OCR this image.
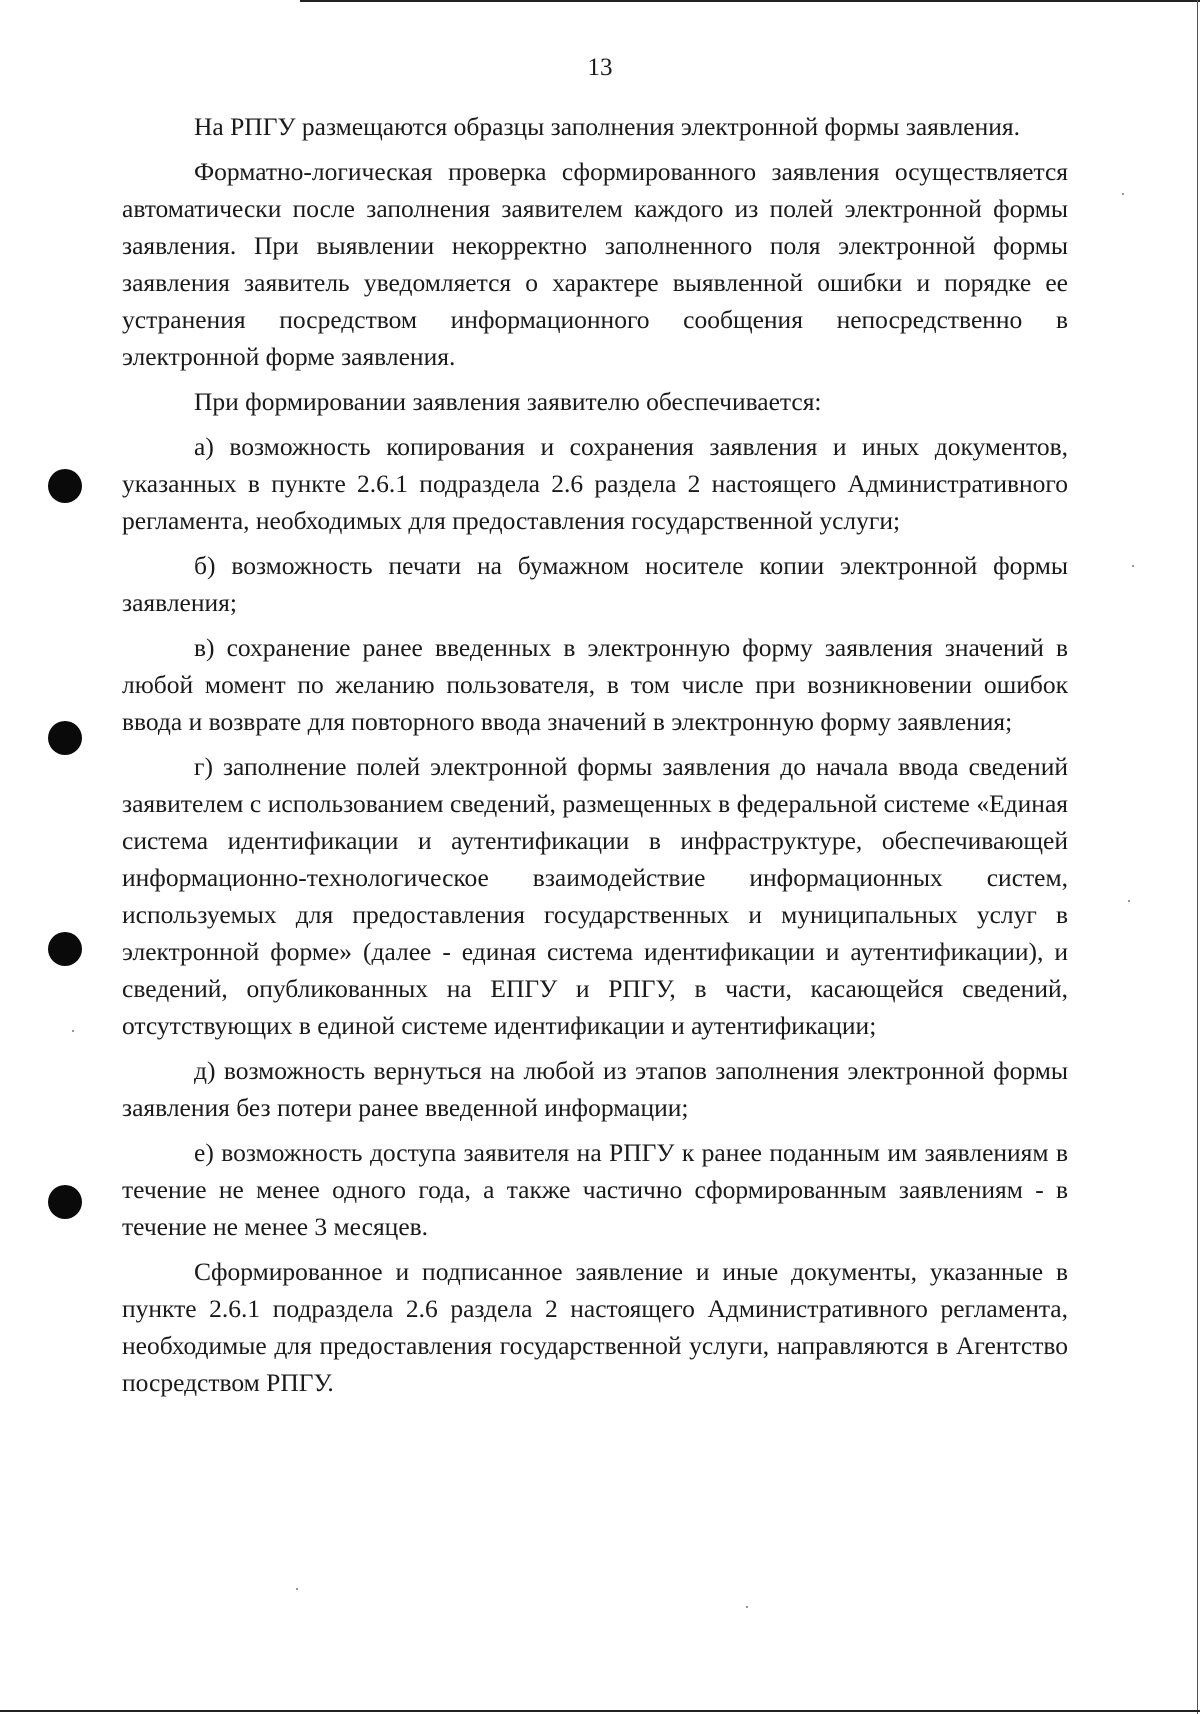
13

На РПГУ размещаются образцы заполнения электронной формы заявления.

Форматно-логическая проверка сформированного заявления осуществляется автоматически после заполнения заявителем каждого из полей электронной формы заявления. При выявлении некорректно заполненного поля электронной формы заявления заявитель уведомляется о характере выявленной ошибки и порядке ее устранения посредством информационного сообщения непосредственно в электронной форме заявления.

При формировании заявления заявителю обеспечивается:

а) возможность копирования и сохранения заявления и иных документов, указанных в пункте 2.6.1 подраздела 2.6 раздела 2 настоящего Административного регламента, необходимых для предоставления государственной услуги;

б) возможность печати на бумажном носителе копии электронной формы заявления;

в) сохранение ранее введенных в электронную форму заявления значений в любой момент по желанию пользователя, в том числе при возникновении ошибок ввода и возврате для повторного ввода значений в электронную форму заявления;

г) заполнение полей электронной формы заявления до начала ввода сведений заявителем с использованием сведений, размещенных в федеральной системе «Единая система идентификации и аутентификации в инфраструктуре, обеспечивающей информационно-технологическое взаимодействие информационных систем, используемых для предоставления государственных и муниципальных услуг в электронной форме» (далее - единая система идентификации и аутентификации), и сведений, опубликованных на ЕПГУ и РПГУ, в части, касающейся сведений, отсутствующих в единой системе идентификации и аутентификации;

д) возможность вернуться на любой из этапов заполнения электронной формы заявления без потери ранее введенной информации;

е) возможность доступа заявителя на РПГУ к ранее поданным им заявлениям в течение не менее одного года, а также частично сформированным заявлениям - в течение не менее 3 месяцев.

Сформированное и подписанное заявление и иные документы, указанные в пункте 2.6.1 подраздела 2.6 раздела 2 настоящего Административного регламента, необходимые для предоставления государственной услуги, направляются в Агентство посредством РПГУ.
